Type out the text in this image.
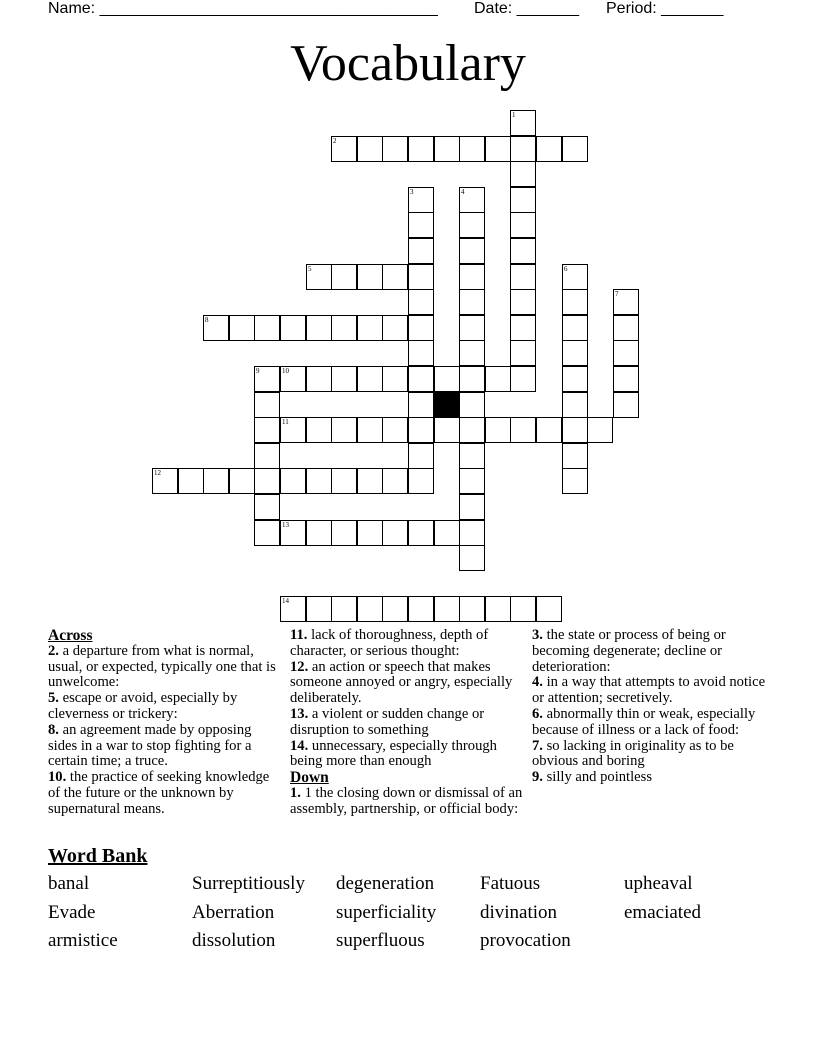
Name: ______________________________________ Date: _______ Period: _______
Vocabulary
1
2
3	4
5	6
7
8
9	10
11
12
13
14
Across
2. a departure from what is normal, usual, or expected, typically one that is unwelcome:
5. escape or avoid, especially by cleverness or trickery:
8. an agreement made by opposing sides in a war to stop fighting for a certain time; a truce.
10. the practice of seeking knowledge of the future or the unknown by supernatural means.
11. lack of thoroughness, depth of character, or serious thought:
12. an action or speech that makes someone annoyed or angry, especially deliberately.
13. a violent or sudden change or disruption to something
14. unnecessary, especially through being more than enough
Down
1. 1 the closing down or dismissal of an assembly, partnership, or official body:
3. the state or process of being or becoming degenerate; decline or deterioration:
4. in a way that attempts to avoid notice or attention; secretively.
6. abnormally thin or weak, especially because of illness or a lack of food:
7. so lacking in originality as to be obvious and boring
9. silly and pointless
Word Bank
banal	Surreptitiously degeneration Fatuous	upheaval
Evade	Aberration	superficiality divination	emaciated
armistice	dissolution	superfluous	provocation
